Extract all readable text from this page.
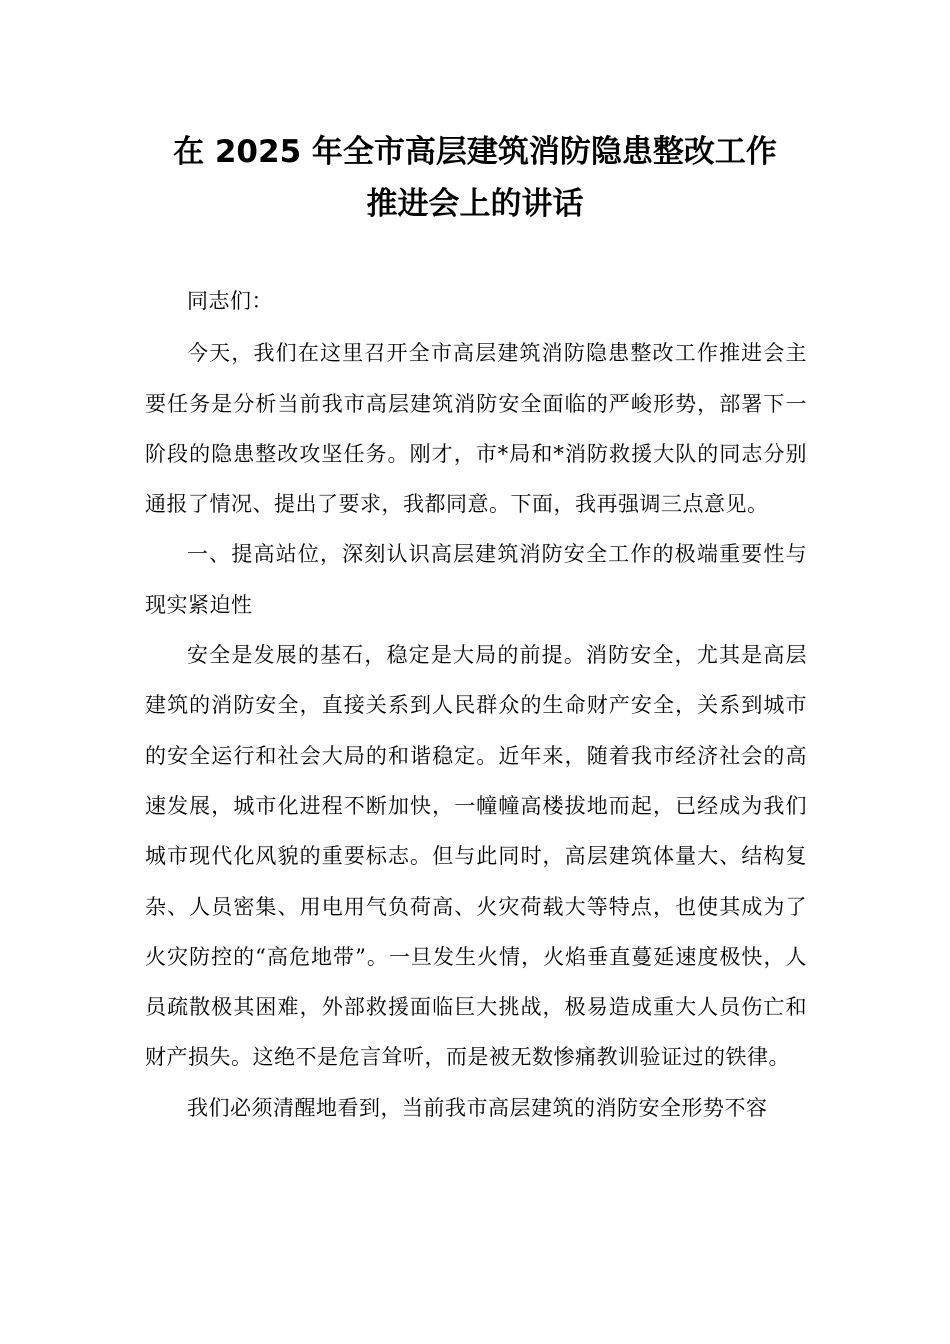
在 2025 年全市高层建筑消防隐患整改工作
推进会上的讲话

同志们：

今天，我们在这里召开全市高层建筑消防隐患整改工作推进会主要任务是分析当前我市高层建筑消防安全面临的严峻形势，部署下一阶段的隐患整改攻坚任务。刚才，市*局和*消防救援大队的同志分别通报了情况、提出了要求，我都同意。下面，我再强调三点意见。

一、提高站位，深刻认识高层建筑消防安全工作的极端重要性与现实紧迫性

安全是发展的基石，稳定是大局的前提。消防安全，尤其是高层建筑的消防安全，直接关系到人民群众的生命财产安全，关系到城市的安全运行和社会大局的和谐稳定。近年来，随着我市经济社会的高速发展，城市化进程不断加快，一幢幢高楼拔地而起，已经成为我们城市现代化风貌的重要标志。但与此同时，高层建筑体量大、结构复杂、人员密集、用电用气负荷高、火灾荷载大等特点，也使其成为了火灾防控的“高危地带”。一旦发生火情，火焰垂直蔓延速度极快，人员疏散极其困难，外部救援面临巨大挑战，极易造成重大人员伤亡和财产损失。这绝不是危言耸听，而是被无数惨痛教训验证过的铁律。

我们必须清醒地看到，当前我市高层建筑的消防安全形势不容
